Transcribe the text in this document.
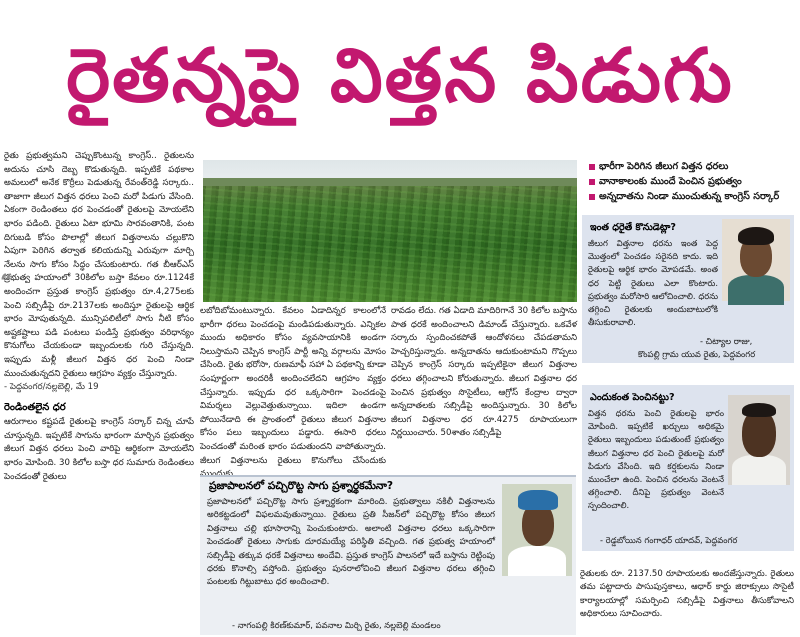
రైతన్నపై విత్తన పిడుగు

రైతు ప్రభుత్వమని చెప్పుకొంటున్న కాంగ్రెస్.. రైతులను అదును చూసి దెబ్బ కొడుతున్నది. ఇప్పటికే పథకాల అమలులో అనేక కొర్రీలు పెడుతున్న రేవంత్‌రెడ్డి సర్కారు.. తాజాగా జీలుగ విత్తన ధరలు పెంచి మరో పిడుగు వేసింది. ఏకంగా రెండింతలు ధర పెంచడంతో రైతులపై మోయలేని భారం పడింది. రైతులు ఏటా భూమి సారవంతానికి, పంట దిగుబడి కోసం పొలాల్లో జీలుగ విత్తనాలను చల్లుకొని ఏపుగా పెరిగిన తర్వాత కలియదున్ని ఎరువుగా మార్చి నేలను సాగు కోసం సిద్ధం చేసుకుంటారు. గత బీఆర్ఎస్ ప్రభుత్వ హయాంలో 30కిలోల బస్తా కేవలం రూ.1124కే అందించగా ప్రస్తుత కాంగ్రెస్ ప్రభుత్వం రూ.4,275లకు పెంచి సబ్సిడీపై రూ.2137లకు అందిస్తూ రైతులపై ఆర్థిక భారం మోపుతున్నది. మున్సిపలిటీలో సాగు నీటి కోసం అష్టకష్టాలు పడి పంటలు పండిస్తే ప్రభుత్వం వరిధాన్యం కొనుగోలు చేయకుండా ఇబ్బందులకు గురి చేస్తున్నది. ఇప్పుడు మళ్లీ జీలుగ విత్తన ధర పెంచి నిండా ముంచుతున్నదని రైతులు ఆగ్రహం వ్యక్తం చేస్తున్నారు.

- పెద్దవంగర/నల్లబెల్లి, మే 19

రెండింతలైన ధర

ఆరుగాలం కష్టపడే రైతులపై కాంగ్రెస్ సర్కార్ చిన్న చూపే చూస్తున్నది. ఇప్పటికే సాగును భారంగా మార్చిన ప్రభుత్వం జీలుగ విత్తన ధరలు పెంచి వారిపై ఆర్థికంగా మోయలేని భారం మోపింది. 30 కిలోల బస్తా ధర సుమారు రెండింతలు పెంచడంతో రైతులు

“
భారీగా పెరిగిన జీలుగ విత్తన ధరలు
వానాకాలంకు ముందే పెంచిన ప్రభుత్వం
అన్నదాతను నిండా ముంచుతున్న కాంగ్రెస్ సర్కార్

లబోదిబోమంటున్నారు. కేవలం ఏడాదిన్నర కాలంలోనే భారీగా ధరలు పెంచడంపై మండిపడుతున్నారు. ఎన్నికల ముందు అధికారం కోసం వ్యవసాయానికి అండగా నిలుస్తామని చెప్పిన కాంగ్రెస్ పార్టీ అన్ని వర్గాలను మోసం చేసింది. రైతు భరోసా, రుణమాఫీ సహా ఏ పథకాన్ని కూడా సంపూర్ణంగా అందరికీ అందించలేదని ఆగ్రహం వ్యక్తం చేస్తున్నారు. ఇప్పుడు ధర ఒక్కసారిగా పెంచడంపై విమర్శలు వెల్లువెత్తుతున్నాయి. ఇదిలా ఉండగా పోయినేడాది ఈ ప్రాంతంలో రైతులు జీలుగ విత్తనాల కోసం పలు ఇబ్బందులు పడ్డారు. ఈసారి ధరలు పెంచడంతో మరింత భారం పడుతుందని వాపోతున్నారు. జీలుగ విత్తనాలను రైతులు కొనుగోలు చేసేందుకు

రావడం లేదు. గత ఏడాది మాదిరిగానే 30 కిలోల బస్తాను పాత ధరకే అందించాలని డిమాండ్ చేస్తున్నారు. ఒకవేళ సర్కారు స్పందించకపోతే ఆందోళనలు చేపడతామని హెచ్చరిస్తున్నారు. అన్నదాతను ఆదుకుంటామని గొప్పలు చెప్పిన కాంగ్రెస్ సర్కారు ఇప్పటికైనా జీలుగ విత్తనాల ధరలు తగ్గించాలని కోరుతున్నారు. జీలుగ విత్తనాల ధర పెంచిన ప్రభుత్వం సొసైటీలు, ఆగ్రోస్ కేంద్రాల ద్వారా అన్నదాతలకు సబ్సిడీపై అందిస్తున్నారు. 30 కిలోల జీలుగ విత్తనాల ధర రూ.4275 రూపాయలుగా నిర్ణయించారు. 50శాతం సబ్సిడీపై

ఇంత ధరైతే కొనుడెట్లా?
జీలుగ విత్తనాల ధరను ఇంత పెద్ద మొత్తంలో పెంచడం సరైనది కాదు. ఇది రైతులపై ఆర్థిక భారం మోపడమే. అంత ధర పెట్టి రైతులు ఎలా కొంటారు. ప్రభుత్వం మరోసారి ఆలోచించాలి. ధరను తగ్గించి రైతులకు అందుబాటులోకి తీసుకురావాలి.
- చిట్యాల రాజు,
కొంపల్లి గ్రామ యువ రైతు, పెద్దవంగర
ఎందుకంత పెంచినట్టు?
విత్తన ధరను పెంచి రైతులపై భారం మోపింది. ఇప్పటికే ఖర్చులు అధికమై రైతులు ఇబ్బందులు పడుతుంటే ప్రభుత్వం జీలుగ విత్తనాల ధర పెంచి రైతులపై మరో పిడుగు వేసింది. ఇది కర్షకులను నిండా ముంచేలా ఉంది. పెంచిన ధరలను వెంటనే తగ్గించాలి. దీనిపై ప్రభుత్వం వెంటనే స్పందించాలి.
- రెడ్డబోయిన గంగాధర్ యాదవ్, పెద్దవంగర
ప్రజాపాలనలో పచ్చిరొట్ట సాగు ప్రశ్నార్థకమేనా?
ప్రజాపాలనలో పచ్చిరొట్ట సాగు ప్రశ్నార్థకంగా మారింది. ప్రభుత్వాలు నకిలీ విత్తనాలను అరికట్టడంలో విఫలమవుతున్నాయి. రైతులు ప్రతి సీజన్‌లో పచ్చిరొట్ట కోసం జీలుగ విత్తనాలు చల్లి భూసారాన్ని పెంచుకుంటారు. అలాంటి విత్తనాల ధరలు ఒక్కసారిగా పెంచడంతో రైతులు సాగుకు దూరమయ్యే పరిస్థితి వచ్చింది. గత ప్రభుత్వ హయాంలో సబ్సిడీపై తక్కువ ధరకే విత్తనాలు అందేవి. ప్రస్తుత కాంగ్రెస్ పాలనలో ఇదే బస్తాను రెట్టింపు ధరకు కొనాల్సి వస్తోంది. ప్రభుత్వం పునరాలోచించి జీలుగ విత్తనాల ధరలు తగ్గించి పంటలకు గిట్టుబాటు ధర అందించాలి.
- నాగంపల్లి కిరణ్‌కుమార్, పవనాల మిర్చి రైతు, నల్లబెల్లి మండలం
రైతులకు రూ. 2137.50 రూపాయలకు అందజేస్తున్నారు. రైతులు తమ పట్టాదారు పాసుపుస్తకాలు, ఆధార్ కార్డు జిరాక్సులు సొసైటీ కార్యాలయాల్లో సమర్పించి సబ్సిడీపై విత్తనాలు తీసుకోవాలని అధికారులు సూచించారు.
